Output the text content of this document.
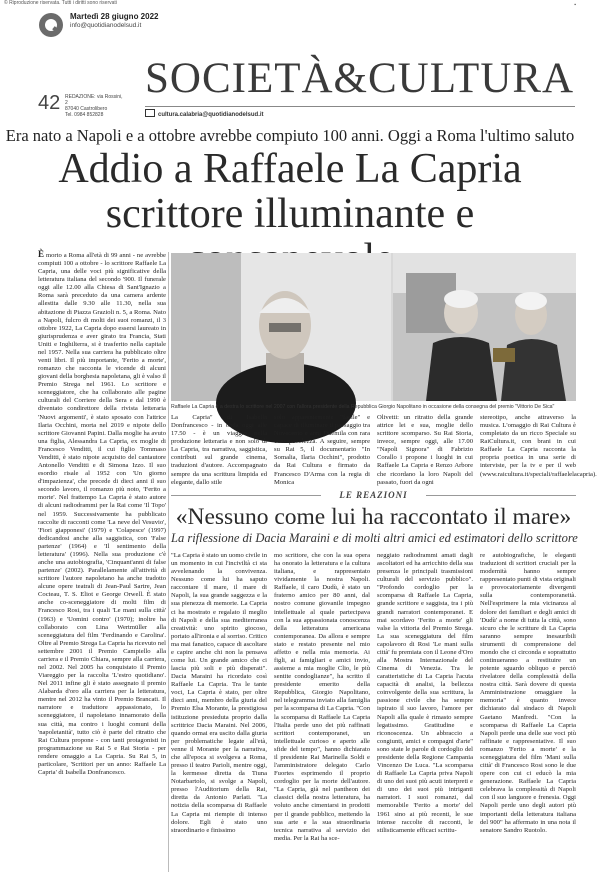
© Riproduzione riservata. Tutti i diritti sono riservati	▪
Martedì 28 giugno 2022
info@quotidianodelsud.it
42 REDAZIONE: via Rossini, 2
87040 Castrolibero
Tel. 0984 852828
SOCIETÀ&CULTURA
cultura.calabria@quotidianodelsud.it
Era nato a Napoli e a ottobre avrebbe compiuto 100 anni. Oggi a Roma l'ultimo saluto
Addio a Raffaele La Capria
scrittore illuminante e

È morto a Roma all'età di 99 anni - ne avrebbe compiuti 100 a ottobre - lo scrittore Raffaele La Capria, una delle voci più significative della letteratura italiana del secondo '900. Il funerale oggi alle 12.00 alla Chiesa di Sant'Ignazio a Roma sarà preceduto da una camera ardente allestita dalle 9.30 alle 11.30, nella sua abitazione di Piazza Grazioli n. 5, a Roma. Nato a Napoli, fulcro di molti dei suoi romanzi, il 3 ottobre 1922, La Capria dopo essersi laureato in giurisprudenza e aver girato tra Francia, Stati Uniti e Inghilterra, si è trasferito nella capitale nel 1957. Nella sua carriera ha pubblicato oltre venti libri. Il più importante, 'Ferito a morte', romanzo che racconta le vicende di alcuni giovani della borghesia napoletana, gli è valso il Premio Strega nel 1961. Lo scrittore e sceneggiatore, che ha collaborato alle pagine culturali del Corriere della Sera e dal 1990 è diventato condirettore della rivista letteraria 'Nuovi argomenti', è stato sposato con l'attrice Ilaria Occhini, morta nel 2019 e nipote dello scrittore Giovanni Papini. Dalla moglie ha avuto una figlia, Alessandra La Capria, ex moglie di Francesco Venditti, il cui figlio Tommaso Venditti, è stato nipote acquisito del cantautore Antonello Venditti e di Simona Izzo. Il suo esordio risale al 1952 con 'Un giorno d'impazienza', che precede di dieci anni il suo secondo lavoro, il romanzo più noto, 'Ferito a morte'. Nel frattempo La Capria è stato autore di alcuni radiodrammi per la Rai come 'Il Topo' nel 1959. Successivamente ha pubblicato raccolte di racconti come 'La neve del Vesuvio', 'Fiori giapponesi' (1979) e 'Colapesce' (1997) dedicandosi anche alla saggistica, con 'False partenze' (1964) e 'Il sentimento della letteratura' (1996). Nella sua produzione c'è anche una autobiografia, 'Cinquant'anni di false partenze' (2002). Parallelamente all'attività di scrittore l'autore napoletano ha anche tradotto alcune opere teatrali di Jean-Paul Sartre, Jean Cocteau, T. S. Eliot e George Orwell. È stato anche co-sceneggiatore di molti film di Francesco Rosi, tra i quali 'Le mani sulla città' (1963) e 'Uomini contro' (1970); inoltre ha collaborato con Lina Wertmüller alla sceneggiatura del film 'Ferdinando e Carolina'. Oltre al Premio Strega La Capria ha ricevuto nel settembre 2001 il Premio Campiello alla carriera e il Premio Chiara, sempre alla carriera, nel 2002. Nel 2005 ha conquistato il Premio Viareggio per la raccolta 'L'estro quotidiano'. Nel 2011 infine gli è stato assegnato il premio Alabarda d'oro alla carriera per la letteratura, mentre nel 2012 ha vinto il Premio Brancati. Il narratore e traduttore appassionato, lo sceneggiatore, il napoletano innamorato della sua città, ma contro i luoghi comuni della 'napoletanità', tutto ciò è parte del ritratto che Rai Cultura propone - con tanti protagonisti in programmazione su Rai 5 e Rai Storia - per rendere omaggio a La Capria. Su Rai 5, in particolare, 'Scrittori per un anno: Raffaele La Capria' di Isabella Donfrancesco.

Raffaele La Capria e a destra lo scrittore nel 2007 con l'allora presidente della Repubblica Giorgio Napolitano in occasione della consegna del premio "Vittorio De Sica"
La Capria" di Isabella Donfrancesco - in onda oggi alle 17.50 - è un viaggio nella produzione letteraria e non solo di La Capria, tra narrativa, saggistica, contributi sul grande cinema, traduzioni d'autore. Accompagnato sempre da una scrittura limpida ed elegante, dallo stile
solo apparentemente "facile" e capace di illuminare il paesaggio tra Novecento e anni Duemila con rara consapevolezza. A seguire, sempre su Rai 5, il documentario "In Somalia, Ilaria Occhini", prodotto da Rai Cultura e firmato da Francesco D'Arma con la regia di Monica
Olivetti: un ritratto della grande attrice lei e sua, moglie dello scrittore scomparso. Su Rai Storia, invece, sempre oggi, alle 17.00 "Napoli Signora" di Fabrizio Corallo i propone i luoghi in cui Raffaele La Capria e Renzo Arbore che ricordano la loro Napoli del passato, fuori da ogni
stereotipo, anche attraverso la musica. L'omaggio di Rai Cultura è completato da un ricco Speciale su RaiCultura.it, con brani in cui Raffaele La Capria racconta la propria poetica in una serie di interviste, per la tv e per il web (www.raicultura.it/speciali/raffaelelacapria).
LE REAZIONI
«Nessuno come lui ha raccontato il mare»
La riflessione di Dacia Maraini e di molti altri amici ed estimatori dello scrittore
"La Capria è stato un uomo civile in un momento in cui l'inciviltà ci sta avvelenando la convivenza. Nessuno come lui ha saputo raccontare il mare, il mare di Napoli, la sua grande saggezza e la sua pienezza di memorie. La Capria ci ha mostrato e regalato il meglio di Napoli e della sua mediterranea creatività: uno spirito giocoso, portato all'ironia e al sorriso. Critico ma mai fanatico, capace di ascoltare e capire anche chi non la pensava come lui. Un grande amico che ci lascia più soli e più disperati". Dacia Maraini ha ricordato così Raffaele La Capria. Tra le tante voci, La Capria è stato, per oltre dieci anni, membro della giuria del Premio Elsa Morante, la prestigiosa istituzione presieduta proprio dalla scrittrice Dacia Maraini. Nel 2006, quando ormai era uscito dalla giuria per problematiche legate all'età, venne il Morante per la narrativa, che all'epoca si svolgeva a Roma, presso il teatro Parioli, mentre oggi, la kermesse diretta da Tiuna Notarbartolo, si svolge a Napoli, presso l'Auditorium della Rai, diretta da Antonio Parlati. "La notizia della scomparsa di Raffaele La Capria mi riempie di intenso dolore. Egli è stato uno straordinario e finissimo
mo scrittore, che con la sua opera ha onorato la letteratura e la cultura italiana, e rappresentato vividamente la nostra Napoli. Raffaele, il caro Dudù, è stato un fraterno amico per 80 anni, dal nostro comune giovanile impegno intellettuale al quale partecipava con la sua appassionata conoscenza della letteratura americana contemporanea. Da allora e sempre stato e restato presente nel mio affetto e nella mia memoria. Ai figli, ai famigliari e amici invio, assieme a mia moglie Clio, le più sentite condoglianze", ha scritto il presidente emerito della Repubblica, Giorgio Napolitano, nel telegramma inviato alla famiglia per la scomparsa di La Capria. "Con la scomparsa di Raffaele La Capria l'Italia perde uno dei più raffinati scrittori contemporanei, un intellettuale curioso e aperto alle sfide del tempo", hanno dichiarato il presidente Rai Marinella Soldi e l'amministratore delegato Carlo Fuortes esprimendo il proprio cordoglio per la morte dell'autore. "La Capria, già nel pantheon dei classici della nostra letteratura, ha voluto anche cimentarsi in prodotti per il grande pubblico, mettendo la sua arte e la sua straordinaria tecnica narrativa al servizio dei media. Per la Rai ha sce-
neggiato radiodrammi amati dagli ascoltatori ed ha arricchito della sua presenza le principali trasmissioni culturali del servizio pubblico". "Profondo cordoglio per la scomparsa di Raffaele La Capria, grande scrittore e saggista, tra i più grandi narratori contemporanei. E mai scordavo 'Ferito a morte' gli valse la vittoria del Premio Strega. La sua sceneggiatura del film capolavoro di Rosi 'Le mani sulla città' fu premiata con il Leone d'Oro alla Mostra Internazionale del Cinema di Venezia. Tra le caratteristiche di La Capria l'acuta capacità di analisi, la bellezza coinvolgente della sua scrittura, la passione civile che ha sempre ispirato il suo lavoro, l'amore per Napoli alla quale è rimasto sempre legatissimo. Gratitudine e riconoscenza. Un abbraccio a congiunti, amici e compagni d'arte" sono state le parole di cordoglio del presidente della Regione Campania Vincenzo De Luca. "La scomparsa di Raffaele La Capria priva Napoli di uno dei suoi più acuti interpreti e di uno dei suoi più intriganti narratori. I suoi romanzi, dal memorabile 'Ferito a morte' del 1961 sino ai più recenti, le sue intense raccolte di racconti, le stilisticamente efficaci scrittu-
re autobiografiche, le eleganti traduzioni di scrittori cruciali per la modernità hanno sempre rappresentato punti di vista originali e provocatoriamente divergenti sulla contemporaneità. Nell'esprimere la mia vicinanza al dolore dei familiari e degli amici di 'Dudù' a nome di tutta la città, sono sicuro che le scritture di La Capria saranno sempre inesauribili strumenti di comprensione del mondo che ci circonda e soprattutto continueranno a restituire un potente sguardo obliquo e perciò rivelatore della complessità della nostra città. Sarà dovere di questa Amministrazione omaggiare la memoria" è quanto invece dichiarato dal sindaco di Napoli Gaetano Manfredi. "Con la scomparsa di Raffaele La Capria Napoli perde una delle sue voci più raffinate e rappresentative. Il suo romanzo 'Ferito a morte' e la sceneggiatura del film 'Mani sulla città' di Francesco Rosi sono le due opere con cui ci educò la mia generazione. Raffaele La Capria celebrava la complessità di Napoli con il suo languore e frenesia. Oggi Napoli perde uno degli autori più importanti della letteratura italiana del 900" ha affermato in una nota il senatore Sandro Ruotolo.
